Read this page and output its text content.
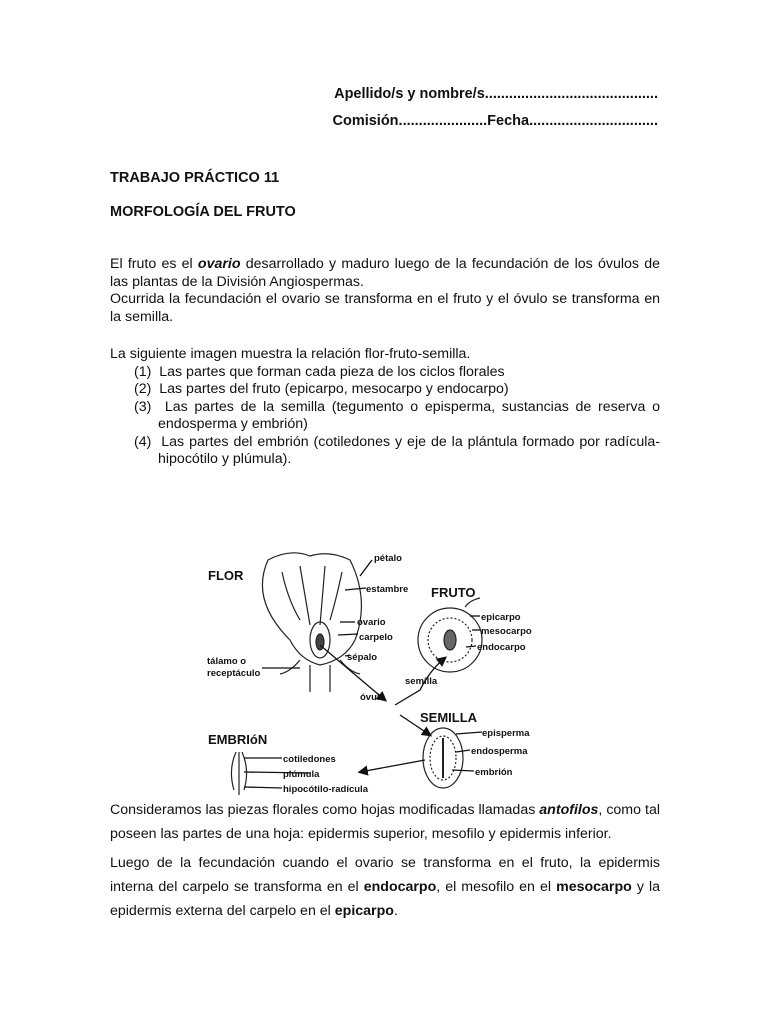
Apellido/s y nombre/s...........................................
Comisión......................Fecha................................
TRABAJO PRÁCTICO 11
MORFOLOGÍA DEL FRUTO
El fruto es el ovario desarrollado y maduro luego de la fecundación de los óvulos de las plantas de la División Angiospermas.
Ocurrida la fecundación el ovario se transforma en el fruto y el óvulo se transforma en la semilla.
La siguiente imagen muestra la relación flor-fruto-semilla.
(1)  Las partes que forman cada pieza de los ciclos florales
(2)  Las partes del fruto (epicarpo, mesocarpo y endocarpo)
(3)  Las partes de la semilla (tegumento o episperma, sustancias de reserva o endosperma y embrión)
(4)  Las partes del embrión (cotiledones y eje de la plántula formado por radícula-hipocótilo y plúmula).
FLOR
FRUTO
SEMILLA
EMBRIóN
pétalo
estambre
ovario
carpelo
sépalo
tálamo o
receptáculo
óvulo
semilla
epicarpo
mesocarpo
endocarpo
episperma
endosperma
embrión
cotiledones
plúmula
hipocótilo-radícula

Consideramos las piezas florales como hojas modificadas llamadas antofilos, como tal poseen las partes de una hoja: epidermis superior, mesofilo y epidermis inferior.

Luego de la fecundación cuando el ovario se transforma en el fruto, la epidermis interna del carpelo se transforma en el endocarpo, el mesofilo en el mesocarpo y la epidermis externa del carpelo en el epicarpo.
